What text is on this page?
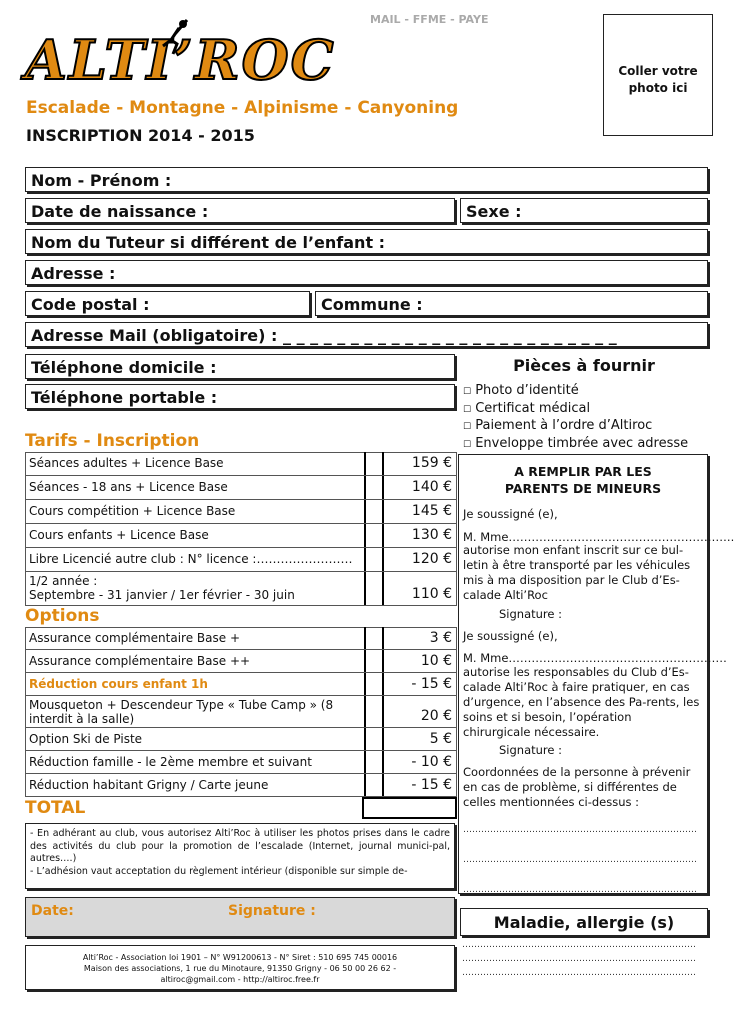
MAIL - FFME - PAYE
ALTI’ROC
Escalade - Montagne - Alpinisme - Canyoning
INSCRIPTION 2014 - 2015
Coller votre photo ici
Nom - Prénom :
Date de naissance :	Sexe :
Nom du Tuteur si différent de l’enfant :
Adresse :
Code postal :	Commune :
Adresse Mail (obligatoire) : _ _ _ _ _ _ _ _ _ _ _ _ _ _ _ _ _ _ _ _ _ _ _ _ _
Téléphone domicile :
Téléphone portable :
Tarifs - Inscription
Séances adultes + Licence Base	159 €
Séances - 18 ans + Licence Base	140 €
Cours compétition + Licence Base	145 €
Cours enfants + Licence Base	130 €
Libre Licencié autre club : N° licence :……………………	120 €
1/2 année :
Septembre - 31 janvier / 1er février - 30 juin	110 €
Options
Assurance complémentaire Base +	3 €
Assurance complémentaire Base ++	10 €
Réduction cours enfant 1h	- 15 €
Mousqueton + Descendeur Type « Tube Camp » (8 interdit à la salle)	20 €
Option Ski de Piste	5 €
Réduction famille - le 2ème membre et suivant	- 10 €
Réduction habitant Grigny / Carte jeune	- 15 €
TOTAL
- En adhérant au club, vous autorisez Alti’Roc à utiliser les photos prises dans le cadre des activités du club pour la promotion de l’escalade (Internet, journal munici-pal, autres….)
- L’adhésion vaut acceptation du règlement intérieur (disponible sur simple de-
Date:	Signature :
Alti’Roc - Association loi 1901 – N° W91200613 - N° Siret : 510 695 745 00016
Maison des associations, 1 rue du Minotaure, 91350 Grigny - 06 50 00 26 62 -
altiroc@gmail.com - http://altiroc.free.fr
Pièces à fournir
☐ Photo d’identité
☐ Certificat médical
☐ Paiement à l’ordre d’Altiroc
☐ Enveloppe timbrée avec adresse
A REMPLIR PAR LES PARENTS DE MINEURS
Je soussigné (e),
M. Mme…………………………………………………..
autorise mon enfant inscrit sur ce bul-letin à être transporté par les véhicules mis à ma disposition par le Club d’Es-calade Alti’Roc
Signature :
Je soussigné (e),
M. Mme…………………………………………………
autorise les responsables du Club d’Es-calade Alti’Roc à faire pratiquer, en cas d’urgence, en l’absence des Pa-rents, les soins et si besoin, l’opération chirurgicale nécessaire.
Signature :
Coordonnées de la personne à prévenir en cas de problème, si différentes de celles mentionnées ci-dessus :
……………………………………………………………………
……………………………………………………………………
……………………………………………………………………
Maladie, allergie (s)
……………………………………………………………………
……………………………………………………………………
……………………………………………………………………
